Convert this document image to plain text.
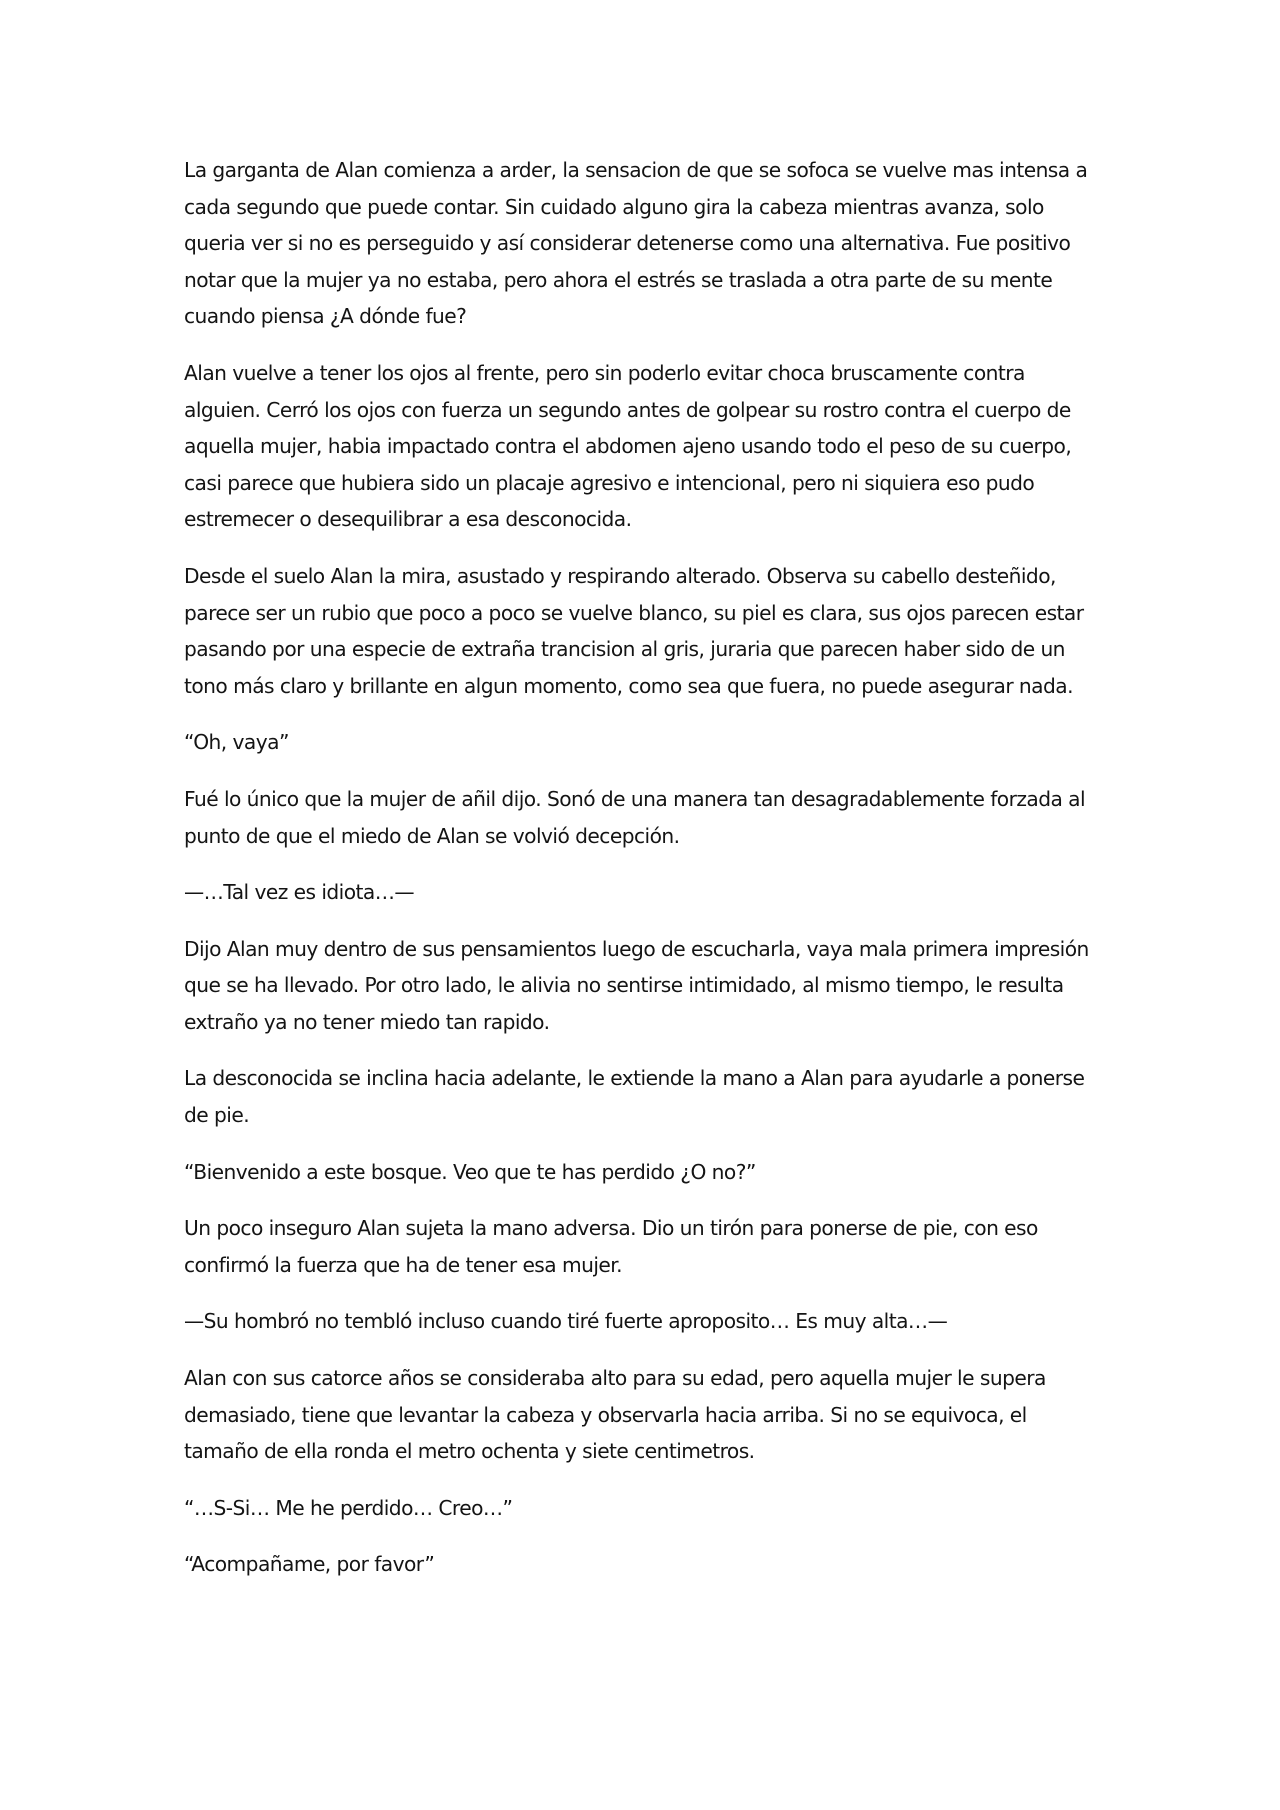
La garganta de Alan comienza a arder, la sensacion de que se sofoca se vuelve mas intensa a cada segundo que puede contar. Sin cuidado alguno gira la cabeza mientras avanza, solo queria ver si no es perseguido y así considerar detenerse como una alternativa. Fue positivo notar que la mujer ya no estaba, pero ahora el estrés se traslada a otra parte de su mente cuando piensa ¿A dónde fue?

Alan vuelve a tener los ojos al frente, pero sin poderlo evitar choca bruscamente contra alguien. Cerró los ojos con fuerza un segundo antes de golpear su rostro contra el cuerpo de aquella mujer, habia impactado contra el abdomen ajeno usando todo el peso de su cuerpo, casi parece que hubiera sido un placaje agresivo e intencional, pero ni siquiera eso pudo estremecer o desequilibrar a esa desconocida.

Desde el suelo Alan la mira, asustado y respirando alterado. Observa su cabello desteñido, parece ser un rubio que poco a poco se vuelve blanco, su piel es clara, sus ojos parecen estar pasando por una especie de extraña trancision al gris, juraria que parecen haber sido de un tono más claro y brillante en algun momento, como sea que fuera, no puede asegurar nada.

“Oh, vaya”

Fué lo único que la mujer de añil dijo. Sonó de una manera tan desagradablemente forzada al punto de que el miedo de Alan se volvió decepción.

—…Tal vez es idiota…—

Dijo Alan muy dentro de sus pensamientos luego de escucharla, vaya mala primera impresión que se ha llevado. Por otro lado, le alivia no sentirse intimidado, al mismo tiempo, le resulta extraño ya no tener miedo tan rapido.

La desconocida se inclina hacia adelante, le extiende la mano a Alan para ayudarle a ponerse de pie.

“Bienvenido a este bosque. Veo que te has perdido ¿O no?”

Un poco inseguro Alan sujeta la mano adversa. Dio un tirón para ponerse de pie, con eso confirmó la fuerza que ha de tener esa mujer.

—Su hombró no tembló incluso cuando tiré fuerte aproposito… Es muy alta…—

Alan con sus catorce años se consideraba alto para su edad, pero aquella mujer le supera demasiado, tiene que levantar la cabeza y observarla hacia arriba. Si no se equivoca, el tamaño de ella ronda el metro ochenta y siete centimetros.

“…S-Si… Me he perdido… Creo…”

“Acompañame, por favor”
